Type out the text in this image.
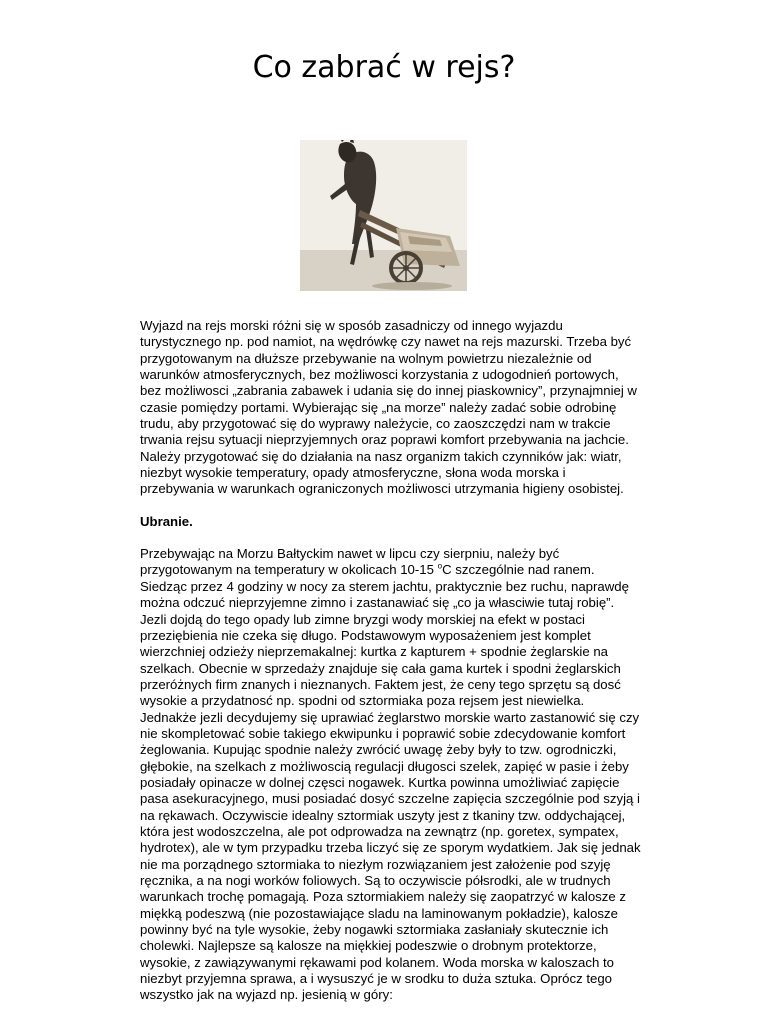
Co zabrać w rejs?

Wyjazd na rejs morski różni się w sposób zasadniczy od innego wyjazdu turystycznego np. pod namiot, na wędrówkę czy nawet na rejs mazurski. Trzeba być przygotowanym na dłuższe przebywanie na wolnym powietrzu niezależnie od warunków atmosferycznych, bez możliwosci korzystania z udogodnień portowych, bez możliwosci „zabrania zabawek i udania się do innej piaskownicy”, przynajmniej w czasie pomiędzy portami. Wybierając się „na morze” należy zadać sobie odrobinę trudu, aby przygotować się do wyprawy należycie, co zaoszczędzi nam w trakcie trwania rejsu sytuacji nieprzyjemnych oraz poprawi komfort przebywania na jachcie. Należy przygotować się do działania na nasz organizm takich czynników jak: wiatr, niezbyt wysokie temperatury, opady atmosferyczne, słona woda morska i przebywania w warunkach ograniczonych możliwosci utrzymania higieny osobistej.

Ubranie.

Przebywając na Morzu Bałtyckim nawet w lipcu czy sierpniu, należy być przygotowanym na temperatury w okolicach 10-15 $^o$C szczególnie nad ranem. Siedząc przez 4 godziny w nocy za sterem jachtu, praktycznie bez ruchu, naprawdę można odczuć nieprzyjemne zimno i zastanawiać się „co ja własciwie tutaj robię”. Jezli dojdą do tego opady lub zimne bryzgi wody morskiej na efekt w postaci przeziębienia nie czeka się długo. Podstawowym wyposażeniem jest komplet wierzchniej odzieży nieprzemakalnej: kurtka z kapturem + spodnie żeglarskie na szelkach. Obecnie w sprzedaży znajduje się cała gama kurtek i spodni żeglarskich przeróżnych firm znanych i nieznanych. Faktem jest, że ceny tego sprzętu są dosć wysokie a przydatnosć np. spodni od sztormiaka poza rejsem jest niewielka. Jednakże jezli decydujemy się uprawiać żeglarstwo morskie warto zastanowić się czy nie skompletować sobie takiego ekwipunku i poprawić sobie zdecydowanie komfort żeglowania. Kupując spodnie należy zwrócić uwagę żeby były to tzw. ogrodniczki, głębokie, na szelkach z możliwoscią regulacji długosci szelek, zapięć w pasie i żeby posiadały opinacze w dolnej częsci nogawek. Kurtka powinna umożliwiać zapięcie pasa asekuracyjnego, musi posiadać dosyć szczelne zapięcia szczególnie pod szyją i na rękawach. Oczywiscie idealny sztormiak uszyty jest z tkaniny tzw. oddychającej, która jest wodoszczelna, ale pot odprowadza na zewnątrz (np. goretex, sympatex, hydrotex), ale w tym przypadku trzeba liczyć się ze sporym wydatkiem. Jak się jednak nie ma porządnego sztormiaka to niezłym rozwiązaniem jest założenie pod szyję ręcznika, a na nogi worków foliowych. Są to oczywiscie półsrodki, ale w trudnych warunkach trochę pomagają. Poza sztormiakiem należy się zaopatrzyć w kalosze z miękką podeszwą (nie pozostawiające sladu na laminowanym pokładzie), kalosze powinny być na tyle wysokie, żeby nogawki sztormiaka zasłaniały skutecznie ich cholewki. Najlepsze są kalosze na miękkiej podeszwie o drobnym protektorze, wysokie, z zawiązywanymi rękawami pod kolanem. Woda morska w kaloszach to niezbyt przyjemna sprawa, a i wysuszyć je w srodku to duża sztuka. Oprócz tego wszystko jak na wyjazd np. jesienią w góry:
